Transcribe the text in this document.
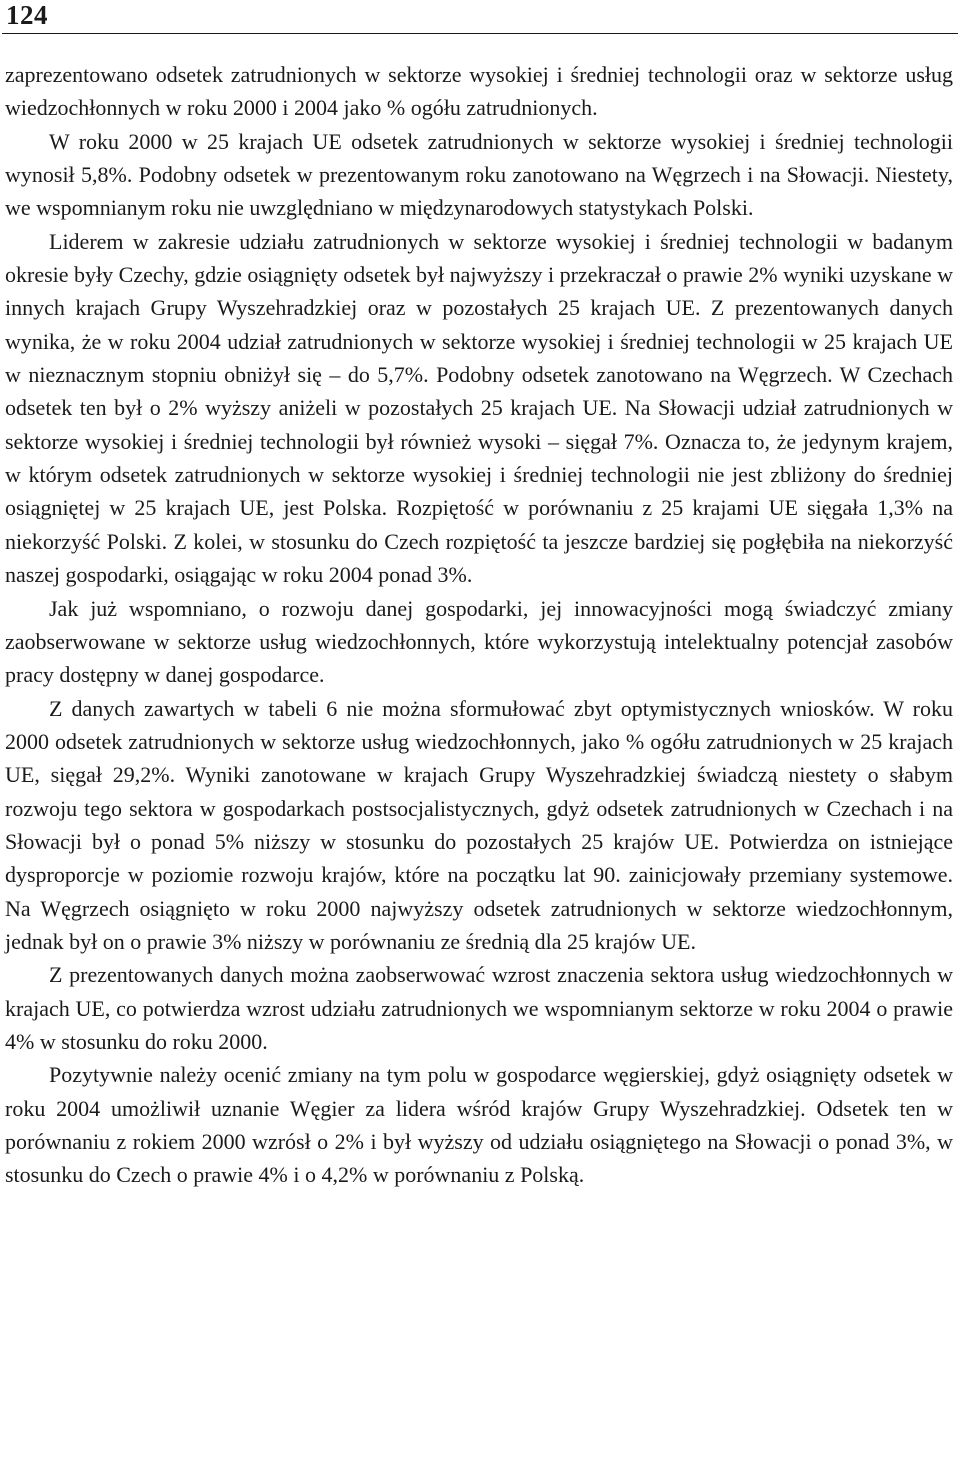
124

zaprezentowano odsetek zatrudnionych w sektorze wysokiej i średniej technologii oraz w sektorze usług wiedzochłonnych w roku 2000 i 2004 jako % ogółu zatrudnionych.

W roku 2000 w 25 krajach UE odsetek zatrudnionych w sektorze wysokiej i średniej technologii wynosił 5,8%. Podobny odsetek w prezentowanym roku zanotowano na Węgrzech i na Słowacji. Niestety, we wspomnianym roku nie uwzględniano w międzynarodowych statystykach Polski.

Liderem w zakresie udziału zatrudnionych w sektorze wysokiej i średniej technologii w badanym okresie były Czechy, gdzie osiągnięty odsetek był najwyższy i przekraczał o prawie 2% wyniki uzyskane w innych krajach Grupy Wyszehradzkiej oraz w pozostałych 25 krajach UE. Z prezentowanych danych wynika, że w roku 2004 udział zatrudnionych w sektorze wysokiej i średniej technologii w 25 krajach UE w nieznacznym stopniu obniżył się – do 5,7%. Podobny odsetek zanotowano na Węgrzech. W Czechach odsetek ten był o 2% wyższy aniżeli w pozostałych 25 krajach UE. Na Słowacji udział zatrudnionych w sektorze wysokiej i średniej technologii był również wysoki – sięgał 7%. Oznacza to, że jedynym krajem, w którym odsetek zatrudnionych w sektorze wysokiej i średniej technologii nie jest zbliżony do średniej osiągniętej w 25 krajach UE, jest Polska. Rozpiętość w porównaniu z 25 krajami UE sięgała 1,3% na niekorzyść Polski. Z kolei, w stosunku do Czech rozpiętość ta jeszcze bardziej się pogłębiła na niekorzyść naszej gospodarki, osiągając w roku 2004 ponad 3%.

Jak już wspomniano, o rozwoju danej gospodarki, jej innowacyjności mogą świadczyć zmiany zaobserwowane w sektorze usług wiedzochłonnych, które wykorzystują intelektualny potencjał zasobów pracy dostępny w danej gospodarce.

Z danych zawartych w tabeli 6 nie można sformułować zbyt optymistycznych wniosków. W roku 2000 odsetek zatrudnionych w sektorze usług wiedzochłonnych, jako % ogółu zatrudnionych w 25 krajach UE, sięgał 29,2%. Wyniki zanotowane w krajach Grupy Wyszehradzkiej świadczą niestety o słabym rozwoju tego sektora w gospodarkach postsocjalistycznych, gdyż odsetek zatrudnionych w Czechach i na Słowacji był o ponad 5% niższy w stosunku do pozostałych 25 krajów UE. Potwierdza on istniejące dysproporcje w poziomie rozwoju krajów, które na początku lat 90. zainicjowały przemiany systemowe. Na Węgrzech osiągnięto w roku 2000 najwyższy odsetek zatrudnionych w sektorze wiedzochłonnym, jednak był on o prawie 3% niższy w porównaniu ze średnią dla 25 krajów UE.

Z prezentowanych danych można zaobserwować wzrost znaczenia sektora usług wiedzochłonnych w krajach UE, co potwierdza wzrost udziału zatrudnionych we wspomnianym sektorze w roku 2004 o prawie 4% w stosunku do roku 2000.

Pozytywnie należy ocenić zmiany na tym polu w gospodarce węgierskiej, gdyż osiągnięty odsetek w roku 2004 umożliwił uznanie Węgier za lidera wśród krajów Grupy Wyszehradzkiej. Odsetek ten w porównaniu z rokiem 2000 wzrósł o 2% i był wyższy od udziału osiągniętego na Słowacji o ponad 3%, w stosunku do Czech o prawie 4% i o 4,2% w porównaniu z Polską.
